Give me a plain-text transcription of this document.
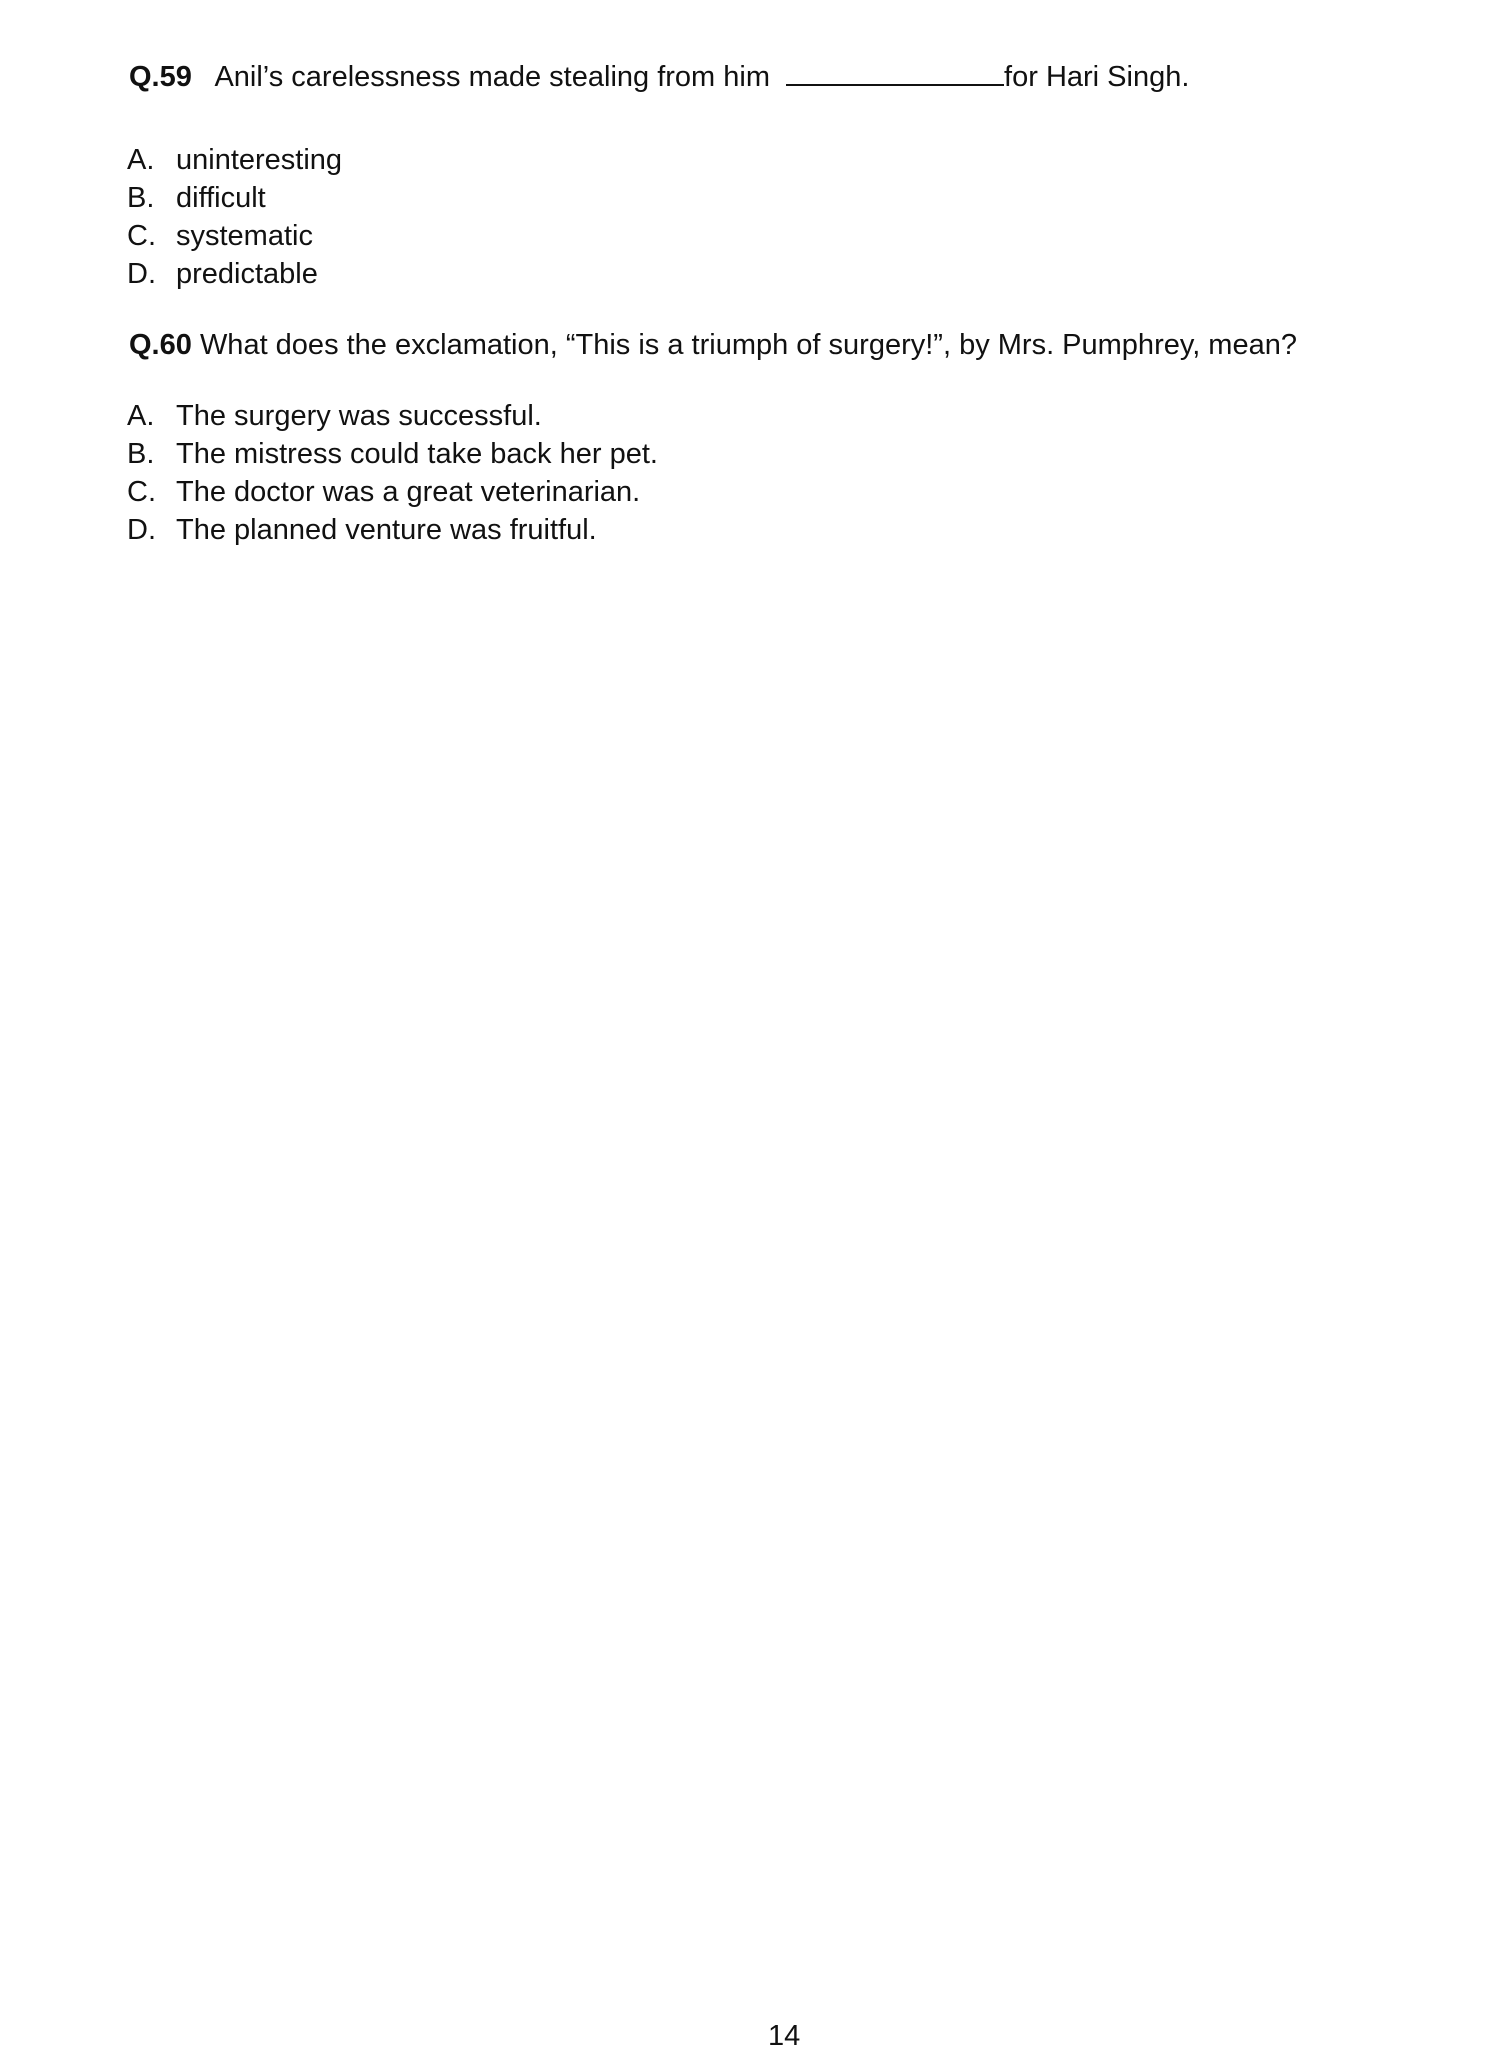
Q.59 Anil’s carelessness made stealing from him	for Hari Singh.
A. uninteresting
B. difficult
C. systematic
D. predictable
Q.60 What does the exclamation, “This is a triumph of surgery!”, by Mrs. Pumphrey, mean?
A. The surgery was successful.
B. The mistress could take back her pet.
C. The doctor was a great veterinarian.
D. The planned venture was fruitful.
14
